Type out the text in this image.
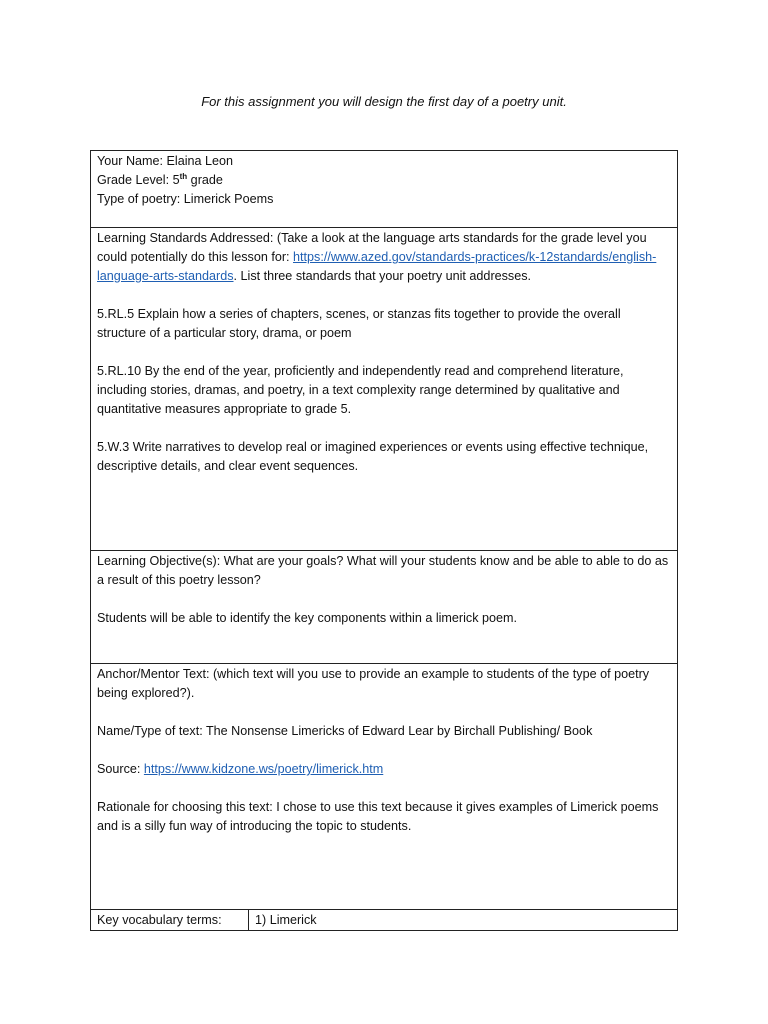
For this assignment you will design the first day of a poetry unit.
Your Name: Elaina Leon
Grade Level: 5th grade
Type of poetry: Limerick Poems

Learning Standards Addressed: (Take a look at the language arts standards for the grade level you could potentially do this lesson for: https://www.azed.gov/standards-practices/k-12standards/english-language-arts-standards. List three standards that your poetry unit addresses.
5.RL.5 Explain how a series of chapters, scenes, or stanzas fits together to provide the overall structure of a particular story, drama, or poem
5.RL.10 By the end of the year, proficiently and independently read and comprehend literature, including stories, dramas, and poetry, in a text complexity range determined by qualitative and quantitative measures appropriate to grade 5.
5.W.3 Write narratives to develop real or imagined experiences or events using effective technique, descriptive details, and clear event sequences.

Learning Objective(s): What are your goals? What will your students know and be able to able to do as a result of this poetry lesson?
Students will be able to identify the key components within a limerick poem.

Anchor/Mentor Text: (which text will you use to provide an example to students of the type of poetry being explored?).
Name/Type of text: The Nonsense Limericks of Edward Lear by Birchall Publishing/ Book
Source: https://www.kidzone.ws/poetry/limerick.htm
Rationale for choosing this text: I chose to use this text because it gives examples of Limerick poems and is a silly fun way of introducing the topic to students.

Key vocabulary terms:	1) Limerick
